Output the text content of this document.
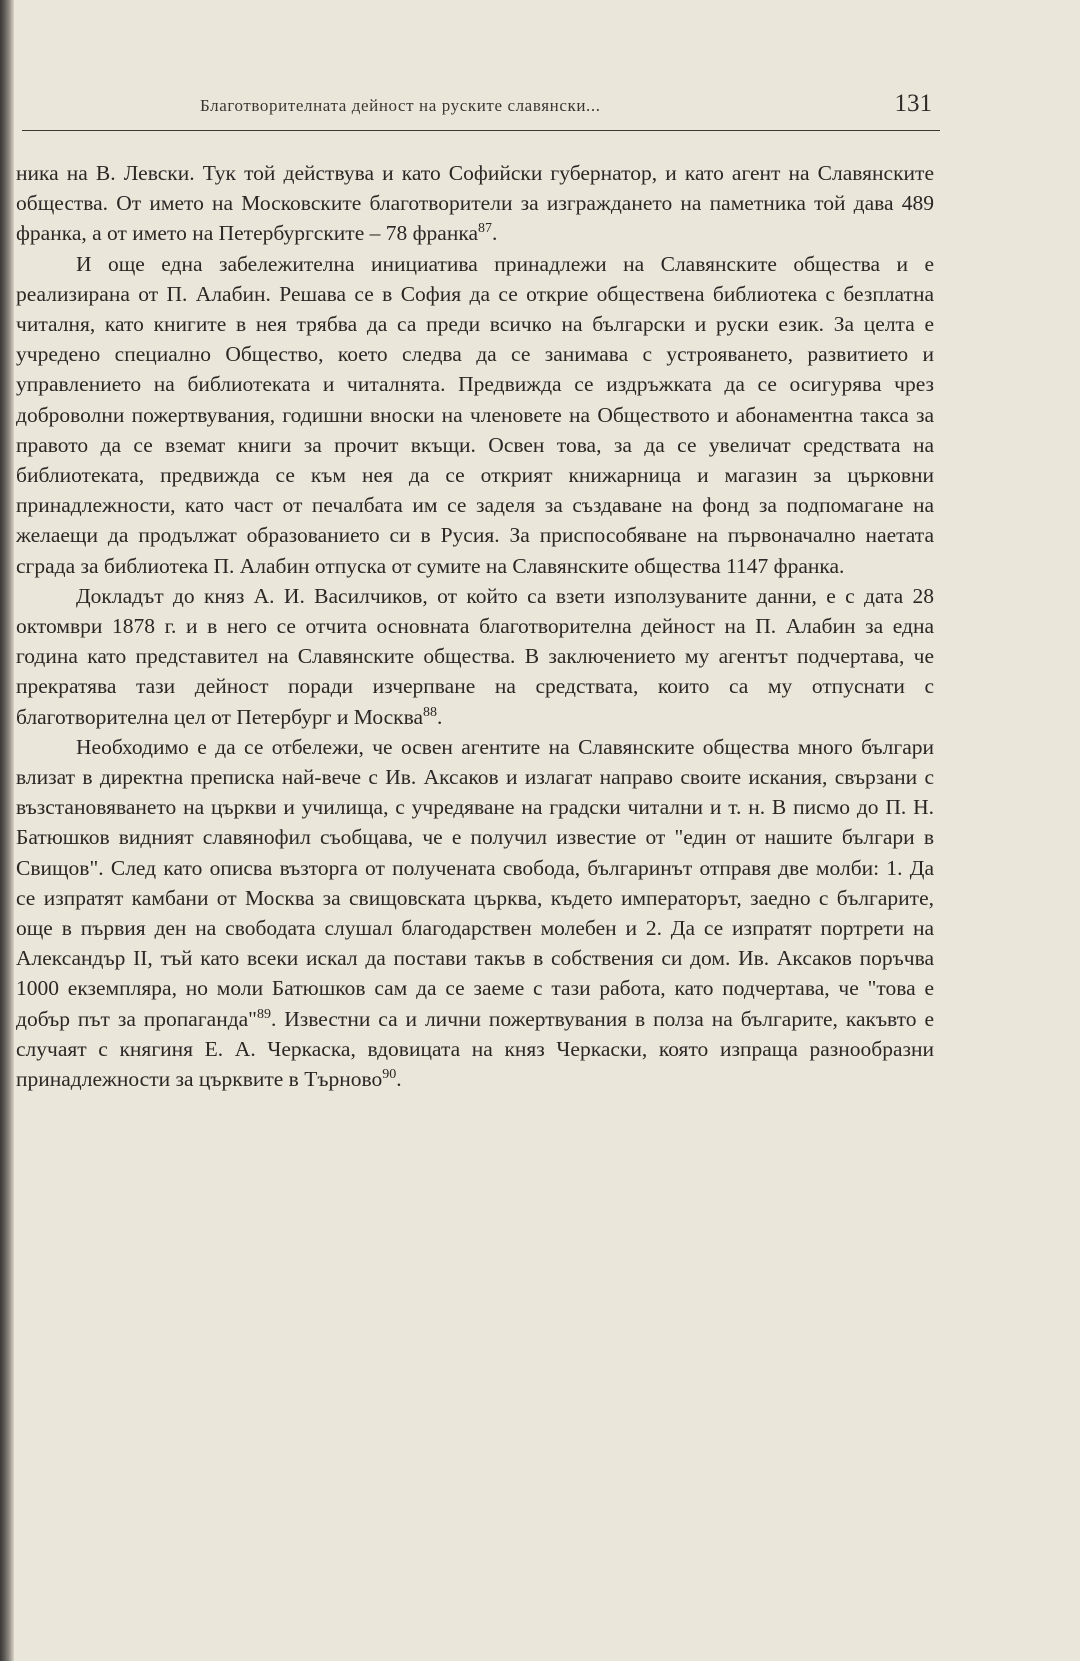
Благотворителната дейност на руските славянски...	131

ника на В. Левски. Тук той действува и като Софийски губернатор, и като агент на Славянските общества. От името на Московските благотворители за изграждането на паметника той дава 489 франка, а от името на Петербургските – 78 франка$^{87}$.

И още една забележителна инициатива принадлежи на Славянските общества и е реализирана от П. Алабин. Решава се в София да се открие обществена библиотека с безплатна читалня, като книгите в нея трябва да са преди всичко на български и руски език. За целта е учредено специално Общество, което следва да се занимава с устрояването, развитието и управлението на библиотеката и читалнята. Предвижда се издръжката да се осигурява чрез доброволни пожертвувания, годишни вноски на членовете на Обществото и абонаментна такса за правото да се вземат книги за прочит вкъщи. Освен това, за да се увеличат средствата на библиотеката, предвижда се към нея да се открият книжарница и магазин за църковни принадлежности, като част от печалбата им се заделя за създаване на фонд за подпомагане на желаещи да продължат образованието си в Русия. За приспособяване на първоначално наетата сграда за библиотека П. Алабин отпуска от сумите на Славянските общества 1147 франка.

Докладът до княз А. И. Василчиков, от който са взети използуваните данни, е с дата 28 октомври 1878 г. и в него се отчита основната благотворителна дейност на П. Алабин за една година като представител на Славянските общества. В заключението му агентът подчертава, че прекратява тази дейност поради изчерпване на средствата, които са му отпуснати с благотворителна цел от Петербург и Москва$^{88}$.

Необходимо е да се отбележи, че освен агентите на Славянските общества много българи влизат в директна преписка най-вече с Ив. Аксаков и излагат направо своите искания, свързани с възстановяването на църкви и училища, с учредяване на градски читални и т. н. В писмо до П. Н. Батюшков видният славянофил съобщава, че е получил известие от "един от нашите българи в Свищов". След като описва възторга от получената свобода, българинът отправя две молби: 1. Да се изпратят камбани от Москва за свищовската църква, където императорът, заедно с българите, още в първия ден на свободата слушал благодарствен молебен и 2. Да се изпратят портрети на Александър II, тъй като всеки искал да постави такъв в собствения си дом. Ив. Аксаков поръчва 1000 екземпляра, но моли Батюшков сам да се заеме с тази работа, като подчертава, че "това е добър път за пропаганда"$^{89}$. Известни са и лични пожертвувания в полза на българите, какъвто е случаят с княгиня Е. А. Черкаска, вдовицата на княз Черкаски, която изпраща разнообразни принадлежности за църквите в Търново$^{90}$.
